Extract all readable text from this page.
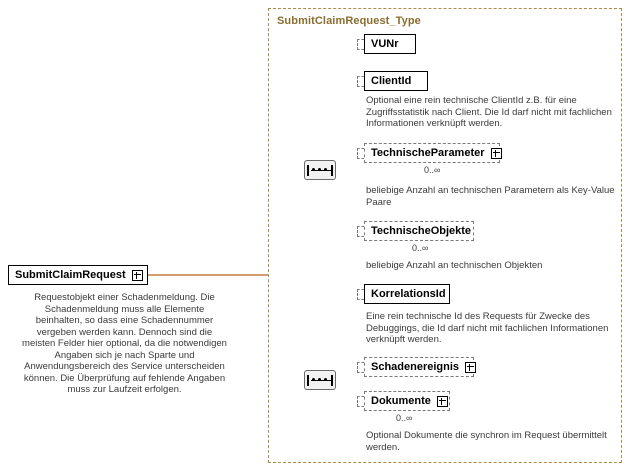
SubmitClaimRequest_Type
SubmitClaimRequest
Requestobjekt einer Schadenmeldung. Die Schadenmeldung muss alle Elemente beinhalten, so dass eine Schadennummer vergeben werden kann. Dennoch sind die meisten Felder hier optional, da die notwendigen Angaben sich je nach Sparte und Anwendungsbereich des Service unterscheiden können. Die Überprüfung auf fehlende Angaben muss zur Laufzeit erfolgen.
VUNr
ClientId
Optional eine rein technische ClientId z.B. für eine Zugriffsstatistik nach Client. Die Id darf nicht mit fachlichen Informationen verknüpft werden.
TechnischeParameter
0..∞
beliebige Anzahl an technischen Parametern als Key-Value Paare
TechnischeObjekte
0..∞
beliebige Anzahl an technischen Objekten
KorrelationsId
Eine rein technische Id des Requests für Zwecke des Debuggings, die Id darf nicht mit fachlichen Informationen verknüpft werden.
Schadenereignis
Dokumente
0..∞
Optional Dokumente die synchron im Request übermittelt werden.
